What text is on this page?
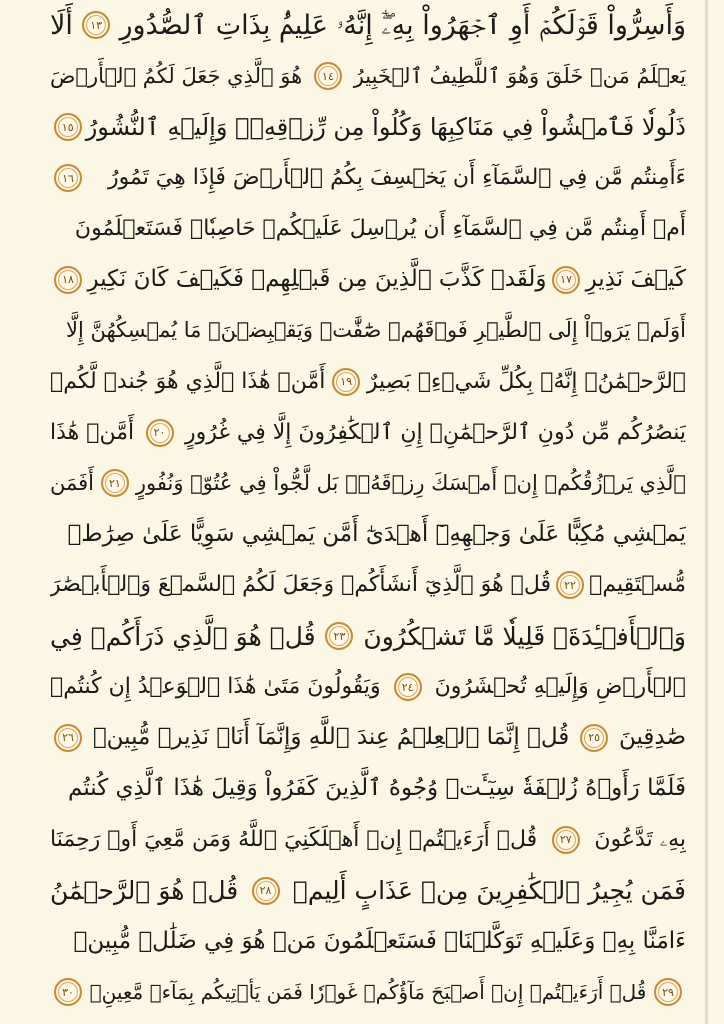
وَأَسِرُّواْ قَوۡلَكُمۡ أَوِ ٱجۡهَرُواْ بِهِۦٓۖ إِنَّهُۥ عَلِيمُۢ بِذَاتِ ٱلصُّدُورِ
١٣
أَلَا
يَعۡلَمُ مَنۡ خَلَقَ وَهُوَ ٱللَّطِيفُ ٱلۡخَبِيرُ
١٤
هُوَ ٱلَّذِي جَعَلَ لَكُمُ ٱلۡأَرۡضَ
ذَلُولٗا فَٱمۡشُواْ فِي مَنَاكِبِهَا وَكُلُواْ مِن رِّزۡقِهِۦۖ وَإِلَيۡهِ ٱلنُّشُورُ
١٥
ءَأَمِنتُم مَّن فِي ٱلسَّمَآءِ أَن يَخۡسِفَ بِكُمُ ٱلۡأَرۡضَ فَإِذَا هِيَ تَمُورُ
١٦
أَمۡ أَمِنتُم مَّن فِي ٱلسَّمَآءِ أَن يُرۡسِلَ عَلَيۡكُمۡ حَاصِبٗاۖ فَسَتَعۡلَمُونَ
كَيۡفَ نَذِيرِ
١٧
وَلَقَدۡ كَذَّبَ ٱلَّذِينَ مِن قَبۡلِهِمۡ فَكَيۡفَ كَانَ نَكِيرِ
١٨
أَوَلَمۡ يَرَوۡاْ إِلَى ٱلطَّيۡرِ فَوۡقَهُمۡ صَٰٓفَّٰتٖ وَيَقۡبِضۡنَۚ مَا يُمۡسِكُهُنَّ إِلَّا
ٱلرَّحۡمَٰنُۚ إِنَّهُۥ بِكُلِّ شَيۡءِۭ بَصِيرٌ
١٩
أَمَّنۡ هَٰذَا ٱلَّذِي هُوَ جُندٞ لَّكُمۡ
يَنصُرُكُم مِّن دُونِ ٱلرَّحۡمَٰنِۚ إِنِ ٱلۡكَٰفِرُونَ إِلَّا فِي غُرُورٍ
٢٠
أَمَّنۡ هَٰذَا
ٱلَّذِي يَرۡزُقُكُمۡ إِنۡ أَمۡسَكَ رِزۡقَهُۥۚ بَل لَّجُّواْ فِي عُتُوّٖ وَنُفُورٍ
٢١
أَفَمَن
يَمۡشِي مُكِبًّا عَلَىٰ وَجۡهِهِۦٓ أَهۡدَىٰٓ أَمَّن يَمۡشِي سَوِيًّا عَلَىٰ صِرَٰطٖ
مُّسۡتَقِيمٖ
٢٢
قُلۡ هُوَ ٱلَّذِيٓ أَنشَأَكُمۡ وَجَعَلَ لَكُمُ ٱلسَّمۡعَ وَٱلۡأَبۡصَٰرَ
وَٱلۡأَفۡـِٔدَةَۚ قَلِيلٗا مَّا تَشۡكُرُونَ
٢٣
قُلۡ هُوَ ٱلَّذِي ذَرَأَكُمۡ فِي
ٱلۡأَرۡضِ وَإِلَيۡهِ تُحۡشَرُونَ
٢٤
وَيَقُولُونَ مَتَىٰ هَٰذَا ٱلۡوَعۡدُ إِن كُنتُمۡ
صَٰدِقِينَ
٢٥
قُلۡ إِنَّمَا ٱلۡعِلۡمُ عِندَ ٱللَّهِ وَإِنَّمَآ أَنَا۠ نَذِيرٞ مُّبِينٞ
٢٦
فَلَمَّا رَأَوۡهُ زُلۡفَةٗ سِيٓـَٔتۡ وُجُوهُ ٱلَّذِينَ كَفَرُواْ وَقِيلَ هَٰذَا ٱلَّذِي كُنتُم
بِهِۦ تَدَّعُونَ
٢٧
قُلۡ أَرَءَيۡتُمۡ إِنۡ أَهۡلَكَنِيَ ٱللَّهُ وَمَن مَّعِيَ أَوۡ رَحِمَنَا
فَمَن يُجِيرُ ٱلۡكَٰفِرِينَ مِنۡ عَذَابٍ أَلِيمٖ
٢٨
قُلۡ هُوَ ٱلرَّحۡمَٰنُ
ءَامَنَّا بِهِۦ وَعَلَيۡهِ تَوَكَّلۡنَاۖ فَسَتَعۡلَمُونَ مَنۡ هُوَ فِي ضَلَٰلٖ مُّبِينٖ
٢٩
قُلۡ أَرَءَيۡتُمۡ إِنۡ أَصۡبَحَ مَآؤُكُمۡ غَوۡرٗا فَمَن يَأۡتِيكُم بِمَآءٖ مَّعِينِۭ
٣٠
